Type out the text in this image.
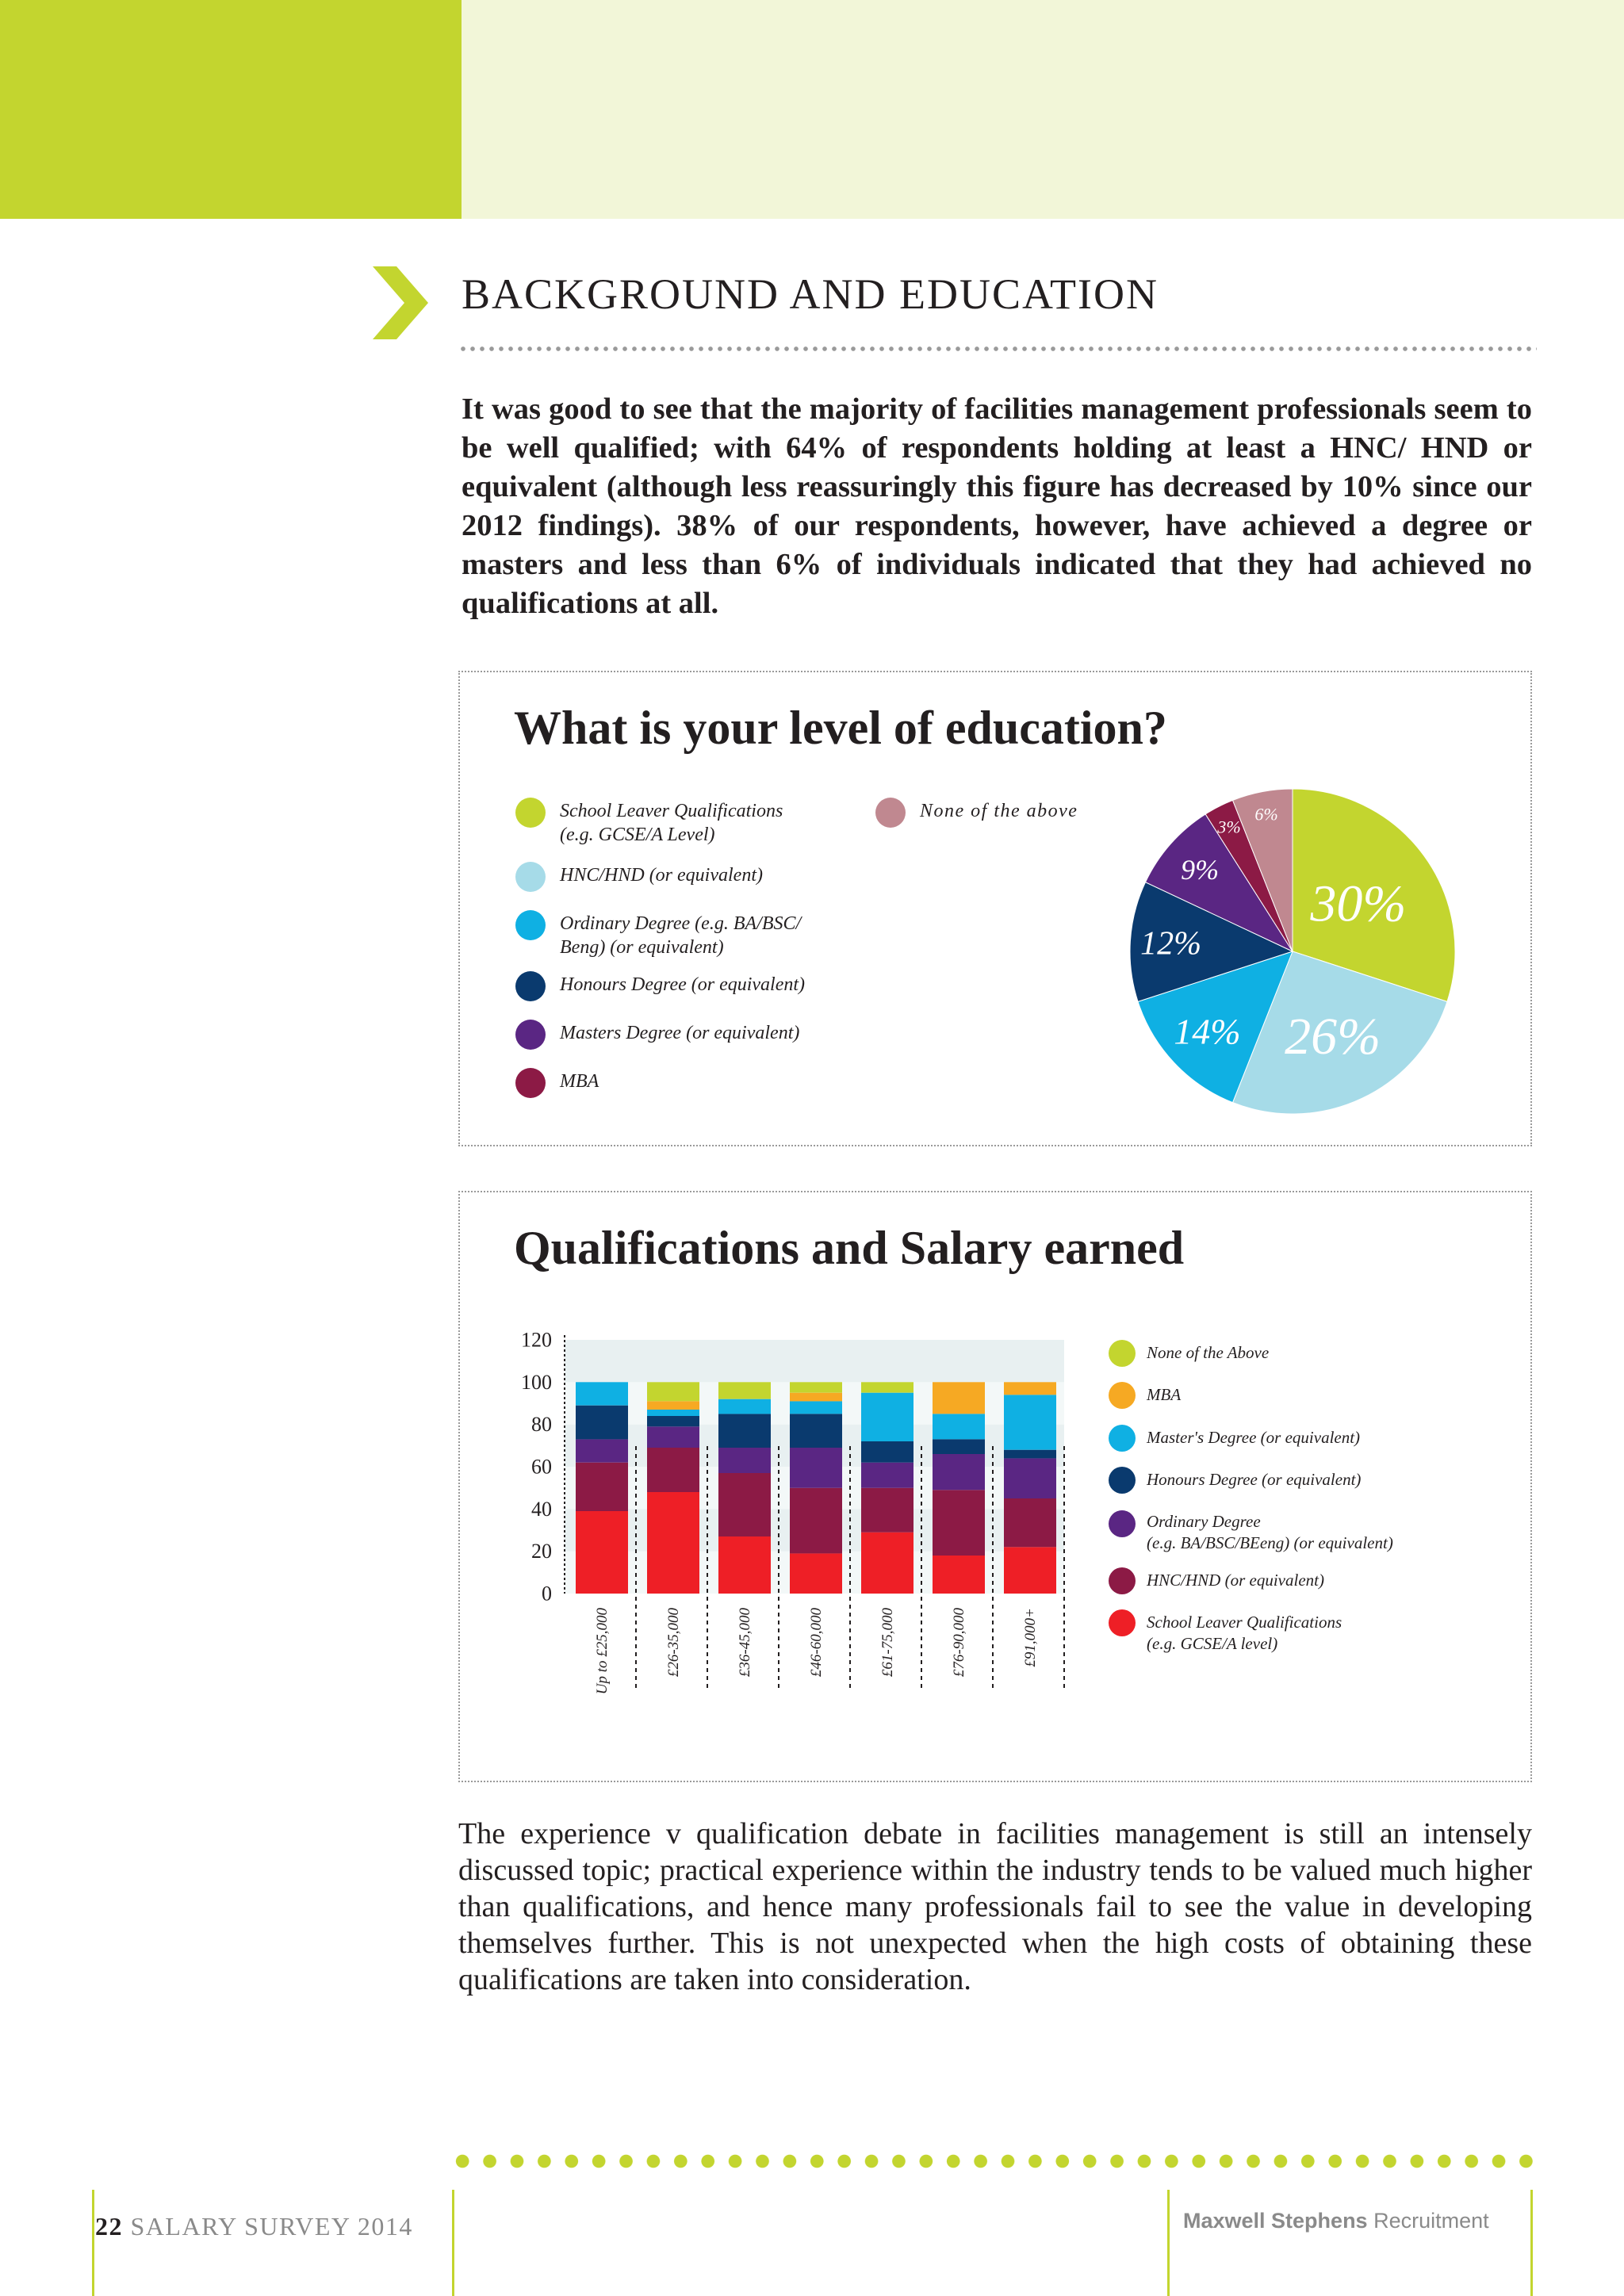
BACKGROUND AND EDUCATION
It was good to see that the majority of facilities management professionals seem to be well qualified; with 64% of respondents holding at least a HNC/ HND or equivalent (although less reassuringly this figure has decreased by 10% since our 2012 findings). 38% of our respondents, however, have achieved a degree or masters and less than 6% of individuals indicated that they had achieved no qualifications at all.
What is your level of education?
School Leaver Qualifications
(e.g. GCSE/A Level)
HNC/HND (or equivalent)
Ordinary Degree (e.g. BA/BSC/
Beng) (or equivalent)
Honours Degree (or equivalent)
Masters Degree (or equivalent)
MBA
None of the above
30%
26%
14%
12%
9%
3%
6%
Qualifications and Salary earned
0
20
40
60
80
100
120
Up to £25,000	£26-35,000	£36-45,000	£46-60,000	£61-75,000	£76-90,000	£91,000+
None of the Above
MBA
Master's Degree (or equivalent)
Honours Degree (or equivalent)
Ordinary Degree
(e.g. BA/BSC/BEeng) (or equivalent)
HNC/HND (or equivalent)
School Leaver Qualifications
(e.g. GCSE/A level)
The experience v qualification debate in facilities management is still an intensely discussed topic; practical experience within the industry tends to be valued much higher than qualifications, and hence many professionals fail to see the value in developing themselves further. This is not unexpected when the high costs of obtaining these qualifications are taken into consideration.
22 SALARY SURVEY 2014	Maxwell Stephens Recruitment
